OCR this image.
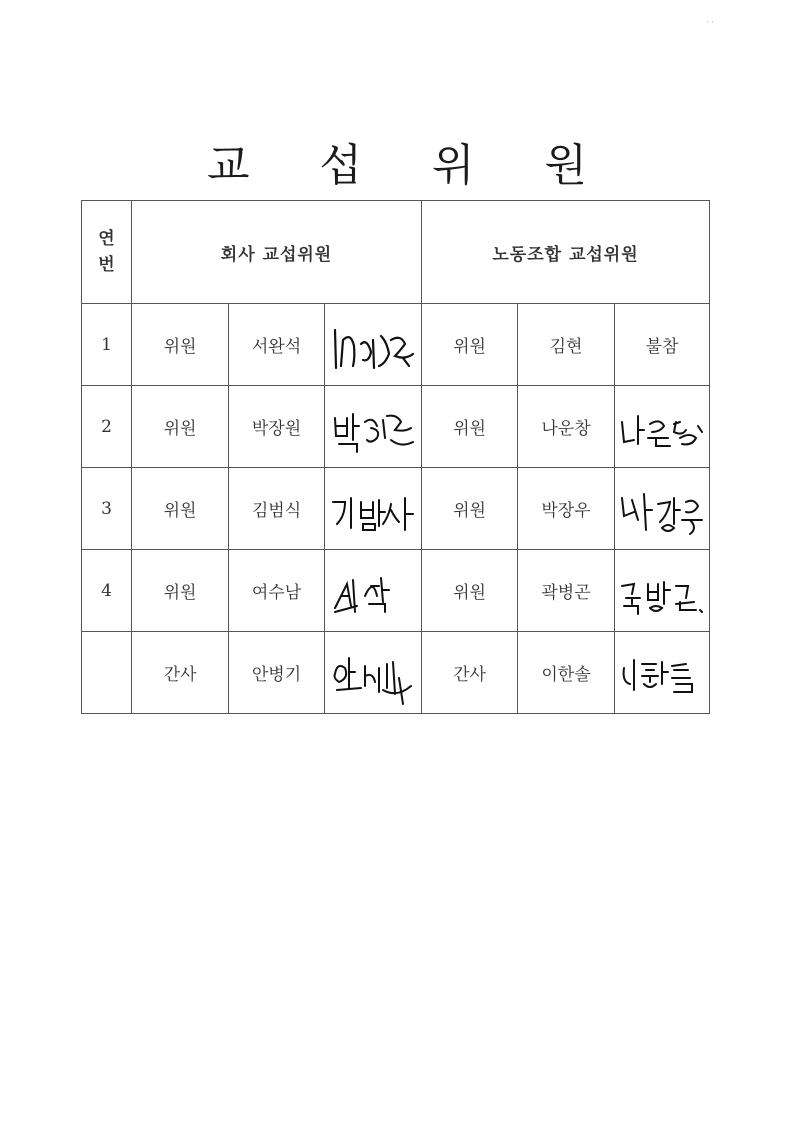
· ·
교 섭 위 원
연
번	회사 교섭위원			노동조합 교섭위원		
1	위원	서완석		위원	김현	불참
2	위원	박장원		위원	나운창	

3	위원	김범식		위원	박장우	

4	위원	여수남		위원	곽병곤	

	간사	안병기		간사	이한솔	
